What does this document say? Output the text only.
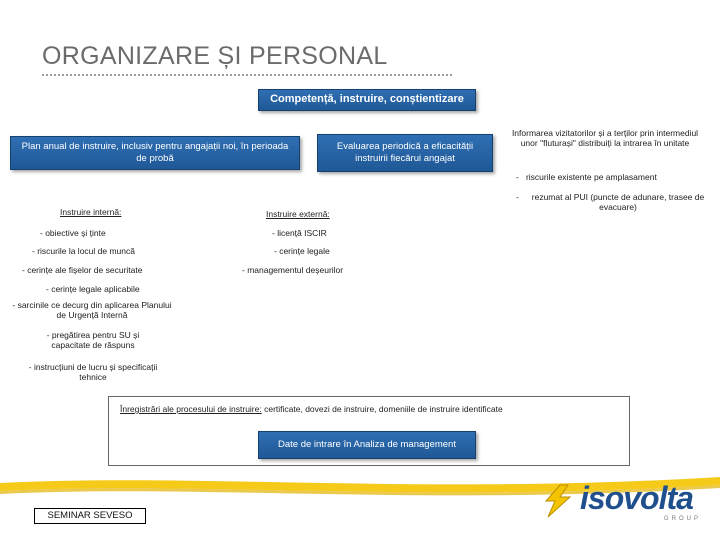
ORGANIZARE ȘI PERSONAL
Competență, instruire, conștientizare
Plan anual de instruire, inclusiv pentru angajații noi, în perioada de probă
Evaluarea periodică a eficacității instruirii fiecărui angajat
Informarea vizitatorilor și a terților prin intermediul unor "fluturași" distribuiți la intrarea în unitate
- riscurile existente pe amplasament
-	rezumat al PUI (puncte de adunare, trasee de evacuare)
Instruire internă:
- obiective și ținte
- riscurile la locul de muncă
- cerințe ale fișelor de securitate
- cerințe legale aplicabile
- sarcinile ce decurg din aplicarea Planului de Urgență Internă
- pregătirea pentru SU și capacitate de răspuns
- instrucțiuni de lucru și specificații tehnice
Instruire externă:
- licență ISCIR
- cerințe legale
- managementul deșeurilor
Înregistrări ale procesului de instruire: certificate, dovezi de instruire, domeniile de instruire identificate
Date de intrare în Analiza de management
SEMINAR SEVESO	isovolta
GROUP
